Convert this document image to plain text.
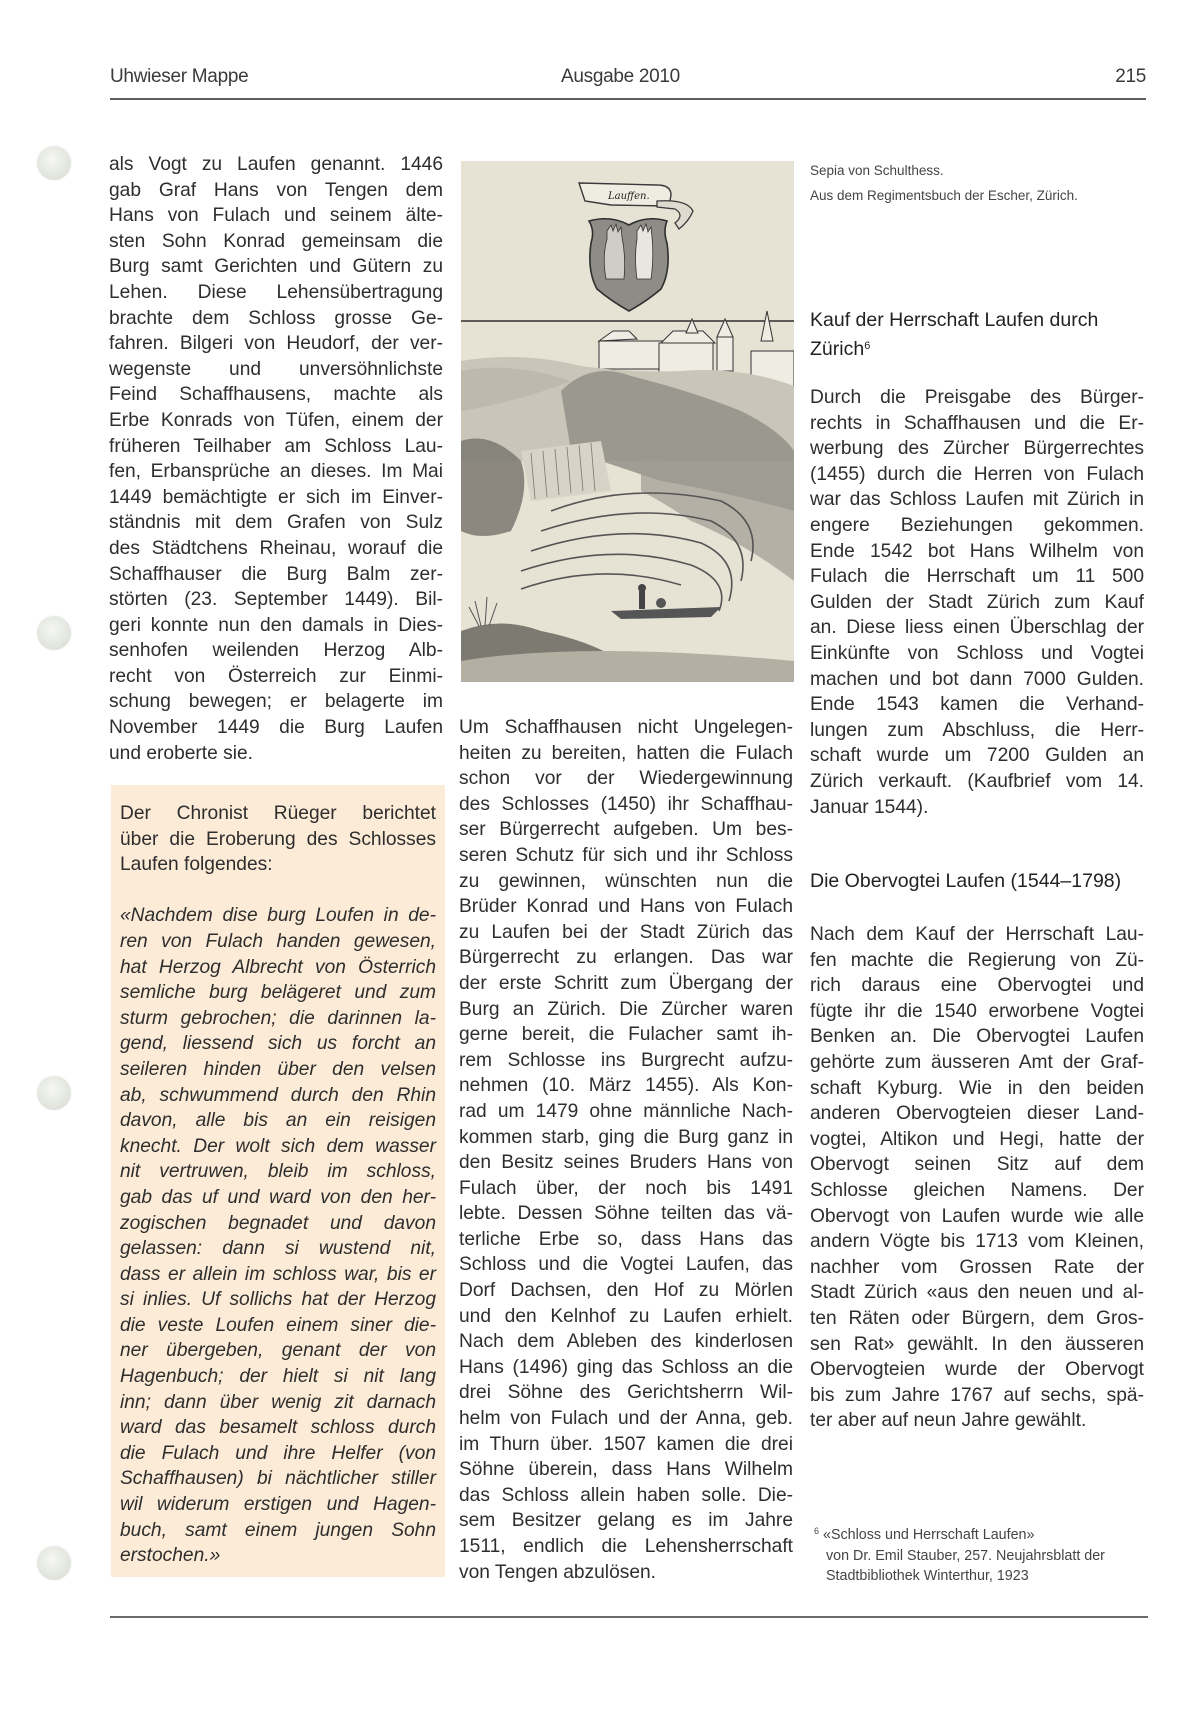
Uhwieser Mappe	Ausgabe 2010	215
als Vogt zu Laufen genannt. 1446
gab Graf Hans von Tengen dem
Hans von Fulach und seinem älte-
sten Sohn Konrad gemeinsam die
Burg samt Gerichten und Gütern zu
Lehen. Diese Lehensübertragung
brachte dem Schloss grosse Ge-
fahren. Bilgeri von Heudorf, der ver-
wegenste und unversöhnlichste
Feind Schaffhausens, machte als
Erbe Konrads von Tüfen, einem der
früheren Teilhaber am Schloss Lau-
fen, Erbansprüche an dieses. Im Mai
1449 bemächtigte er sich im Einver-
ständnis mit dem Grafen von Sulz
des Städtchens Rheinau, worauf die
Schaffhauser die Burg Balm zer-
störten (23. September 1449). Bil-
geri konnte nun den damals in Dies-
senhofen weilenden Herzog Alb-
recht von Österreich zur Einmi-
schung bewegen; er belagerte im
November 1449 die Burg Laufen
und eroberte sie.
Der Chronist Rüeger berichtet
über die Eroberung des Schlosses
Laufen folgendes:
«Nachdem dise burg Loufen in de-
ren von Fulach handen gewesen,
hat Herzog Albrecht von Österrich
semliche burg belägeret und zum
sturm gebrochen; die darinnen la-
gend, liessend sich us forcht an
seileren hinden über den velsen
ab, schwummend durch den Rhin
davon, alle bis an ein reisigen
knecht. Der wolt sich dem wasser
nit vertruwen, bleib im schloss,
gab das uf und ward von den her-
zogischen begnadet und davon
gelassen: dann si wustend nit,
dass er allein im schloss war, bis er
si inlies. Uf sollichs hat der Herzog
die veste Loufen einem siner die-
ner übergeben, genant der von
Hagenbuch; der hielt si nit lang
inn; dann über wenig zit darnach
ward das besamelt schloss durch
die Fulach und ihre Helfer (von
Schaffhausen) bi nächtlicher stiller
wil widerum erstigen und Hagen-
buch, samt einem jungen Sohn
erstochen.»
Lauffen.
Sepia von Schulthess.
Aus dem Regimentsbuch der Escher, Zürich.
Um Schaffhausen nicht Ungelegen-
heiten zu bereiten, hatten die Fulach
schon vor der Wiedergewinnung
des Schlosses (1450) ihr Schaffhau-
ser Bürgerrecht aufgeben. Um bes-
seren Schutz für sich und ihr Schloss
zu gewinnen, wünschten nun die
Brüder Konrad und Hans von Fulach
zu Laufen bei der Stadt Zürich das
Bürgerrecht zu erlangen. Das war
der erste Schritt zum Übergang der
Burg an Zürich. Die Zürcher waren
gerne bereit, die Fulacher samt ih-
rem Schlosse ins Burgrecht aufzu-
nehmen (10. März 1455). Als Kon-
rad um 1479 ohne männliche Nach-
kommen starb, ging die Burg ganz in
den Besitz seines Bruders Hans von
Fulach über, der noch bis 1491
lebte. Dessen Söhne teilten das vä-
terliche Erbe so, dass Hans das
Schloss und die Vogtei Laufen, das
Dorf Dachsen, den Hof zu Mörlen
und den Kelnhof zu Laufen erhielt.
Nach dem Ableben des kinderlosen
Hans (1496) ging das Schloss an die
drei Söhne des Gerichtsherrn Wil-
helm von Fulach und der Anna, geb.
im Thurn über. 1507 kamen die drei
Söhne überein, dass Hans Wilhelm
das Schloss allein haben solle. Die-
sem Besitzer gelang es im Jahre
1511, endlich die Lehensherrschaft
von Tengen abzulösen.
Kauf der Herrschaft Laufen durch
Zürich$^6$
Durch die Preisgabe des Bürger-
rechts in Schaffhausen und die Er-
werbung des Zürcher Bürgerrechtes
(1455) durch die Herren von Fulach
war das Schloss Laufen mit Zürich in
engere Beziehungen gekommen.
Ende 1542 bot Hans Wilhelm von
Fulach die Herrschaft um 11 500
Gulden der Stadt Zürich zum Kauf
an. Diese liess einen Überschlag der
Einkünfte von Schloss und Vogtei
machen und bot dann 7000 Gulden.
Ende 1543 kamen die Verhand-
lungen zum Abschluss, die Herr-
schaft wurde um 7200 Gulden an
Zürich verkauft. (Kaufbrief vom 14.
Januar 1544).
Die Obervogtei Laufen (1544–1798)
Nach dem Kauf der Herrschaft Lau-
fen machte die Regierung von Zü-
rich daraus eine Obervogtei und
fügte ihr die 1540 erworbene Vogtei
Benken an. Die Obervogtei Laufen
gehörte zum äusseren Amt der Graf-
schaft Kyburg. Wie in den beiden
anderen Obervogteien dieser Land-
vogtei, Altikon und Hegi, hatte der
Obervogt seinen Sitz auf dem
Schlosse gleichen Namens. Der
Obervogt von Laufen wurde wie alle
andern Vögte bis 1713 vom Kleinen,
nachher vom Grossen Rate der
Stadt Zürich «aus den neuen und al-
ten Räten oder Bürgern, dem Gros-
sen Rat» gewählt. In den äusseren
Obervogteien wurde der Obervogt
bis zum Jahre 1767 auf sechs, spä-
ter aber auf neun Jahre gewählt.
$^6$ «Schloss und Herrschaft Laufen»
von Dr. Emil Stauber, 257. Neujahrsblatt der
Stadtbibliothek Winterthur, 1923
